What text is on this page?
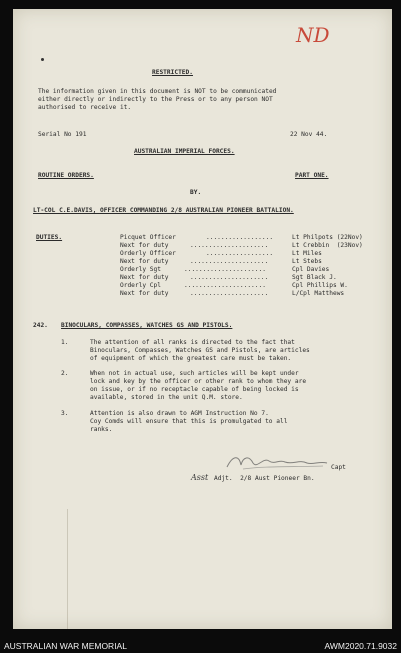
ND
RESTRICTED.
The information given in this document is NOT to be communicated
either directly or indirectly to the Press or to any person NOT
authorised to receive it.
Serial No 191	22 Nov 44.
AUSTRALIAN IMPERIAL FORCES.
ROUTINE ORDERS.	PART ONE.
BY.
LT-COL C.E.DAVIS, OFFICER COMMANDING 2/8 AUSTRALIAN PIONEER BATTALION.
DUTIES.	Picquet Officer	..................	Lt Philpots (22Nov)
Next for duty	.....................	Lt Crebbin  (23Nov)
Orderly Officer	..................	Lt Miles
Next for duty	.....................	Lt Stebs
Orderly Sgt	......................	Cpl Davies
Next for duty	.....................	Sgt Black J.
Orderly Cpl	......................	Cpl Phillips W.
Next for duty	.....................	L/Cpl Matthews
242. BINOCULARS, COMPASSES, WATCHES GS AND PISTOLS.
1.	The attention of all ranks is directed to the fact that
Binoculars, Compasses, Watches GS and Pistols, are articles
of equipment of which the greatest care must be taken.
2.	When not in actual use, such articles will be kept under
lock and key by the officer or other rank to whom they are
on issue, or if no receptacle capable of being locked is
available, stored in the unit Q.M. store.
3.	Attention is also drawn to AGM Instruction No 7.
Coy Comds will ensure that this is promulgated to all
ranks.
Capt
Asst Adjt.  2/8 Aust Pioneer Bn.
AUSTRALIAN WAR MEMORIAL	AWM2020.71.9032
